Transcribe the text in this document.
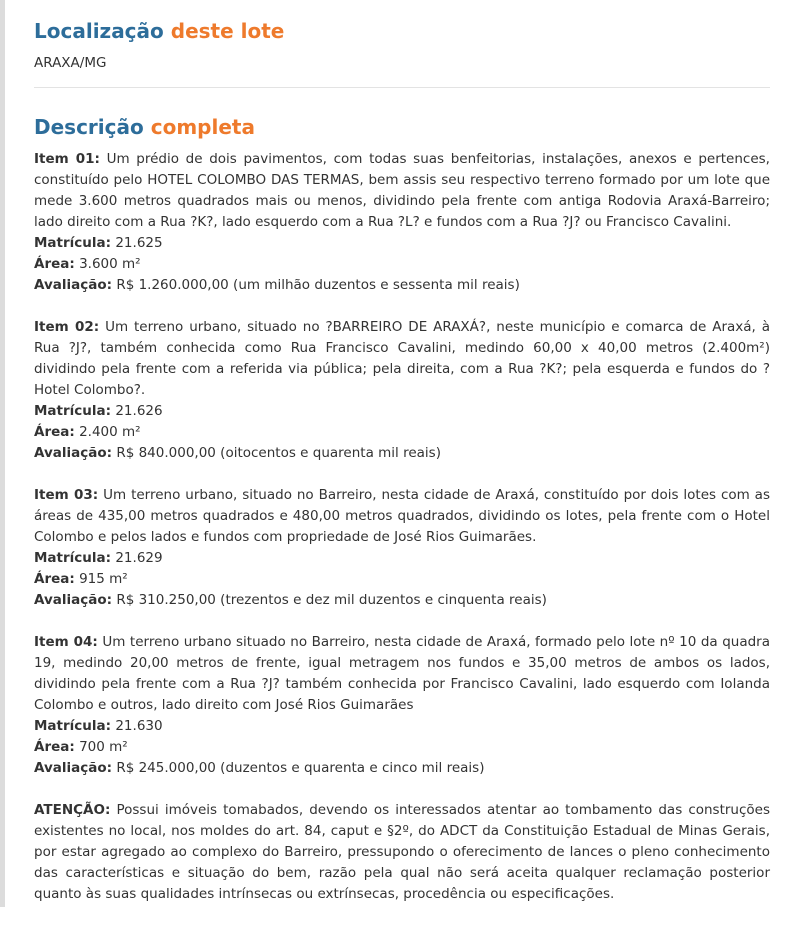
Localização deste lote
ARAXA/MG
Descrição completa

Item 01: Um prédio de dois pavimentos, com todas suas benfeitorias, instalações, anexos e pertences, constituído pelo HOTEL COLOMBO DAS TERMAS, bem assis seu respectivo terreno formado por um lote que mede 3.600 metros quadrados mais ou menos, dividindo pela frente com antiga Rodovia Araxá-Barreiro; lado direito com a Rua ?K?, lado esquerdo com a Rua ?L? e fundos com a Rua ?J? ou Francisco Cavalini.

Matrícula: 21.625

Área: 3.600 m²

Avaliação: R$ 1.260.000,00 (um milhão duzentos e sessenta mil reais)

Item 02: Um terreno urbano, situado no ?BARREIRO DE ARAXÁ?, neste município e comarca de Araxá, à Rua ?J?, também conhecida como Rua Francisco Cavalini, medindo 60,00 x 40,00 metros (2.400m²) dividindo pela frente com a referida via pública; pela direita, com a Rua ?K?; pela esquerda e fundos do ?Hotel Colombo?.

Matrícula: 21.626

Área: 2.400 m²

Avaliação: R$ 840.000,00 (oitocentos e quarenta mil reais)

Item 03: Um terreno urbano, situado no Barreiro, nesta cidade de Araxá, constituído por dois lotes com as áreas de 435,00 metros quadrados e 480,00 metros quadrados, dividindo os lotes, pela frente com o Hotel Colombo e pelos lados e fundos com propriedade de José Rios Guimarães.

Matrícula: 21.629

Área: 915 m²

Avaliação: R$ 310.250,00 (trezentos e dez mil duzentos e cinquenta reais)

Item 04: Um terreno urbano situado no Barreiro, nesta cidade de Araxá, formado pelo lote nº 10 da quadra 19, medindo 20,00 metros de frente, igual metragem nos fundos e 35,00 metros de ambos os lados, dividindo pela frente com a Rua ?J? também conhecida por Francisco Cavalini, lado esquerdo com Iolanda Colombo e outros, lado direito com José Rios Guimarães

Matrícula: 21.630

Área: 700 m²

Avaliação: R$ 245.000,00 (duzentos e quarenta e cinco mil reais)

ATENÇÃO: Possui imóveis tomabados, devendo os interessados atentar ao tombamento das construções existentes no local, nos moldes do art. 84, caput e §2º, do ADCT da Constituição Estadual de Minas Gerais, por estar agregado ao complexo do Barreiro, pressupondo o oferecimento de lances o pleno conhecimento das características e situação do bem, razão pela qual não será aceita qualquer reclamação posterior quanto às suas qualidades intrínsecas ou extrínsecas, procedência ou especificações.
